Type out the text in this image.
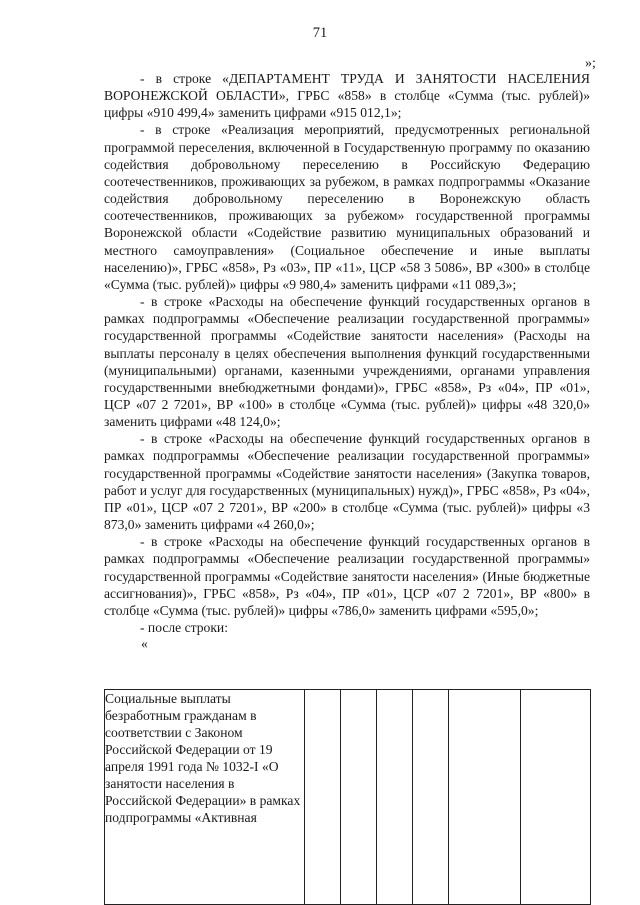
71
»;

- в строке «ДЕПАРТАМЕНТ ТРУДА И ЗАНЯТОСТИ НАСЕЛЕНИЯ ВОРОНЕЖСКОЙ ОБЛАСТИ», ГРБС «858» в столбце «Сумма (тыс. рублей)» цифры «910 499,4» заменить цифрами «915 012,1»;

- в строке «Реализация мероприятий, предусмотренных региональной программой переселения, включенной в Государственную программу по оказанию содействия добровольному переселению в Российскую Федерацию соотечественников, проживающих за рубежом, в рамках подпрограммы «Оказание содействия добровольному переселению в Воронежскую область соотечественников, проживающих за рубежом» государственной программы Воронежской области «Содействие развитию муниципальных образований и местного самоуправления» (Социальное обеспечение и иные выплаты населению)», ГРБС «858», Рз «03», ПР «11», ЦСР «58 3 5086», ВР «300» в столбце «Сумма (тыс. рублей)» цифры «9 980,4» заменить цифрами «11 089,3»;

- в строке «Расходы на обеспечение функций государственных органов в рамках подпрограммы «Обеспечение реализации государственной программы» государственной программы «Содействие занятости населения» (Расходы на выплаты персоналу в целях обеспечения выполнения функций государственными (муниципальными) органами, казенными учреждениями, органами управления государственными внебюджетными фондами)», ГРБС «858», Рз «04», ПР «01», ЦСР «07 2 7201», ВР «100» в столбце «Сумма (тыс. рублей)» цифры «48 320,0» заменить цифрами «48 124,0»;

- в строке «Расходы на обеспечение функций государственных органов в рамках подпрограммы «Обеспечение реализации государственной программы» государственной программы «Содействие занятости населения» (Закупка товаров, работ и услуг для государственных (муниципальных) нужд)», ГРБС «858», Рз «04», ПР «01», ЦСР «07 2 7201», ВР «200» в столбце «Сумма (тыс. рублей)» цифры «3 873,0» заменить цифрами «4 260,0»;

- в строке «Расходы на обеспечение функций государственных органов в рамках подпрограммы «Обеспечение реализации государственной программы» государственной программы «Содействие занятости населения» (Иные бюджетные ассигнования)», ГРБС «858», Рз «04», ПР «01», ЦСР «07 2 7201», ВР «800» в столбце «Сумма (тыс. рублей)» цифры «786,0» заменить цифрами «595,0»;

- после строки:

«

Социальные выплаты безработным гражданам в соответствии с Законом Российской Федерации от 19 апреля 1991 года № 1032-I «О занятости населения в Российской Федерации» в рамках подпрограммы «Активная						
